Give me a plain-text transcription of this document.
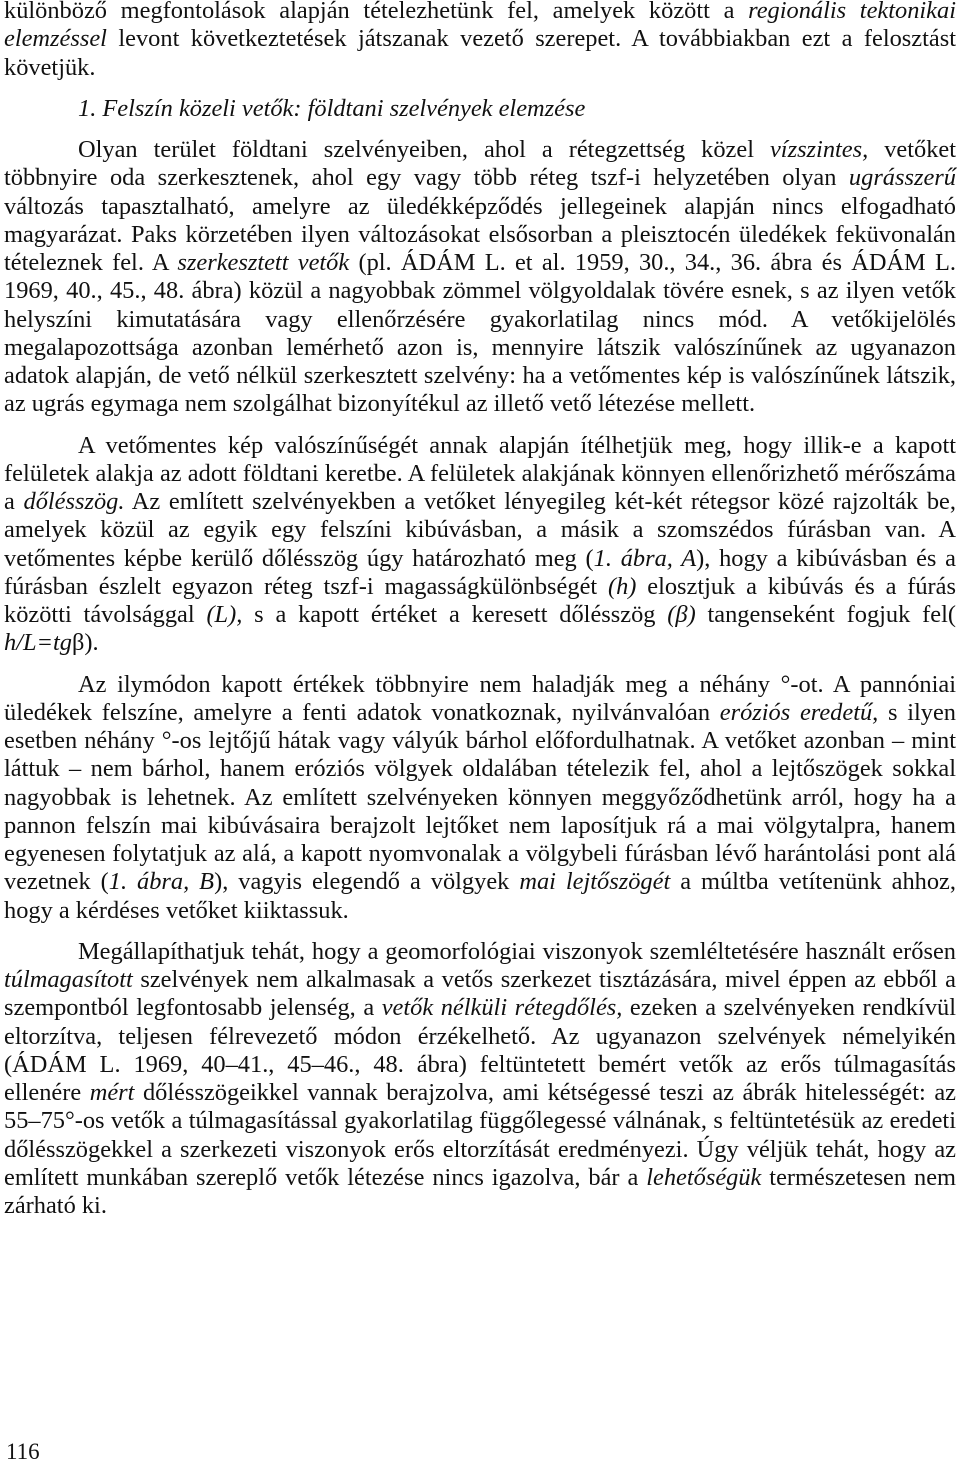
különböző megfontolások alapján tételezhetünk fel, amelyek között a regionális tektonikai elemzéssel levont következtetések játszanak vezető szerepet. A továbbiakban ezt a felosztást követjük.

1. Felszín közeli vetők: földtani szelvények elemzése

Olyan terület földtani szelvényeiben, ahol a rétegzettség közel vízszintes, vetőket többnyire oda szerkesztenek, ahol egy vagy több réteg tszf-i helyzetében olyan ugrásszerű változás tapasztalható, amelyre az üledékképződés jellegeinek alapján nincs elfogadható magyarázat. Paks körzetében ilyen változásokat elsősorban a pleisztocén üledékek feküvonalán tételeznek fel. A szerkesztett vetők (pl. ÁDÁM L. et al. 1959, 30., 34., 36. ábra és ÁDÁM L. 1969, 40., 45., 48. ábra) közül a nagyobbak zömmel völgyoldalak tövére esnek, s az ilyen vetők helyszíni kimutatására vagy ellenőrzésére gyakorlatilag nincs mód. A vetőkijelölés megalapozottsága azonban lemérhető azon is, mennyire látszik valószínűnek az ugyanazon adatok alapján, de vető nélkül szerkesztett szelvény: ha a vetőmentes kép is valószínűnek látszik, az ugrás egymaga nem szolgálhat bizonyítékul az illető vető létezése mellett.

A vetőmentes kép valószínűségét annak alapján ítélhetjük meg, hogy illik-e a kapott felületek alakja az adott földtani keretbe. A felületek alakjának könnyen ellenőrizhető mérőszáma a dőlésszög. Az említett szelvényekben a vetőket lényegileg két-két rétegsor közé rajzolták be, amelyek közül az egyik egy felszíni kibúvásban, a másik a szomszédos fúrásban van. A vetőmentes képbe kerülő dőlésszög úgy határozható meg (1. ábra, A), hogy a kibúvásban és a fúrásban észlelt egyazon réteg tszf-i magasságkülönbségét (h) elosztjuk a kibúvás és a fúrás közötti távolsággal (L), s a kapott értéket a keresett dőlésszög (β) tangenseként fogjuk fel( h/L=tgβ).

Az ilymódon kapott értékek többnyire nem haladják meg a néhány °-ot. A pannóniai üledékek felszíne, amelyre a fenti adatok vonatkoznak, nyilvánvalóan eróziós eredetű, s ilyen esetben néhány °-os lejtőjű hátak vagy vályúk bárhol előfordulhatnak. A vetőket azonban – mint láttuk – nem bárhol, hanem eróziós völgyek oldalában tételezik fel, ahol a lejtőszögek sokkal nagyobbak is lehetnek. Az említett szelvényeken könnyen meggyőződhetünk arról, hogy ha a pannon felszín mai kibúvásaira berajzolt lejtőket nem laposítjuk rá a mai völgytalpra, hanem egyenesen folytatjuk az alá, a kapott nyomvonalak a völgybeli fúrásban lévő harántolási pont alá vezetnek (1. ábra, B), vagyis elegendő a völgyek mai lejtőszögét a múltba vetítenünk ahhoz, hogy a kérdéses vetőket kiiktassuk.

Megállapíthatjuk tehát, hogy a geomorfológiai viszonyok szemléltetésére használt erősen túlmagasított szelvények nem alkalmasak a vetős szerkezet tisztázására, mivel éppen az ebből a szempontból legfontosabb jelenség, a vetők nélküli rétegdőlés, ezeken a szelvényeken rendkívül eltorzítva, teljesen félrevezető módon érzékelhető. Az ugyanazon szelvények némelyikén (ÁDÁM L. 1969, 40–41., 45–46., 48. ábra) feltüntetett bemért vetők az erős túlmagasítás ellenére mért dőlésszögeikkel vannak berajzolva, ami kétségessé teszi az ábrák hitelességét: az 55–75°-os vetők a túlmagasítással gyakorlatilag függőlegessé válnának, s feltüntetésük az eredeti dőlésszögekkel a szerkezeti viszonyok erős eltorzítását eredményezi. Úgy véljük tehát, hogy az említett munkában szereplő vetők létezése nincs igazolva, bár a lehetőségük természetesen nem zárható ki.

116
